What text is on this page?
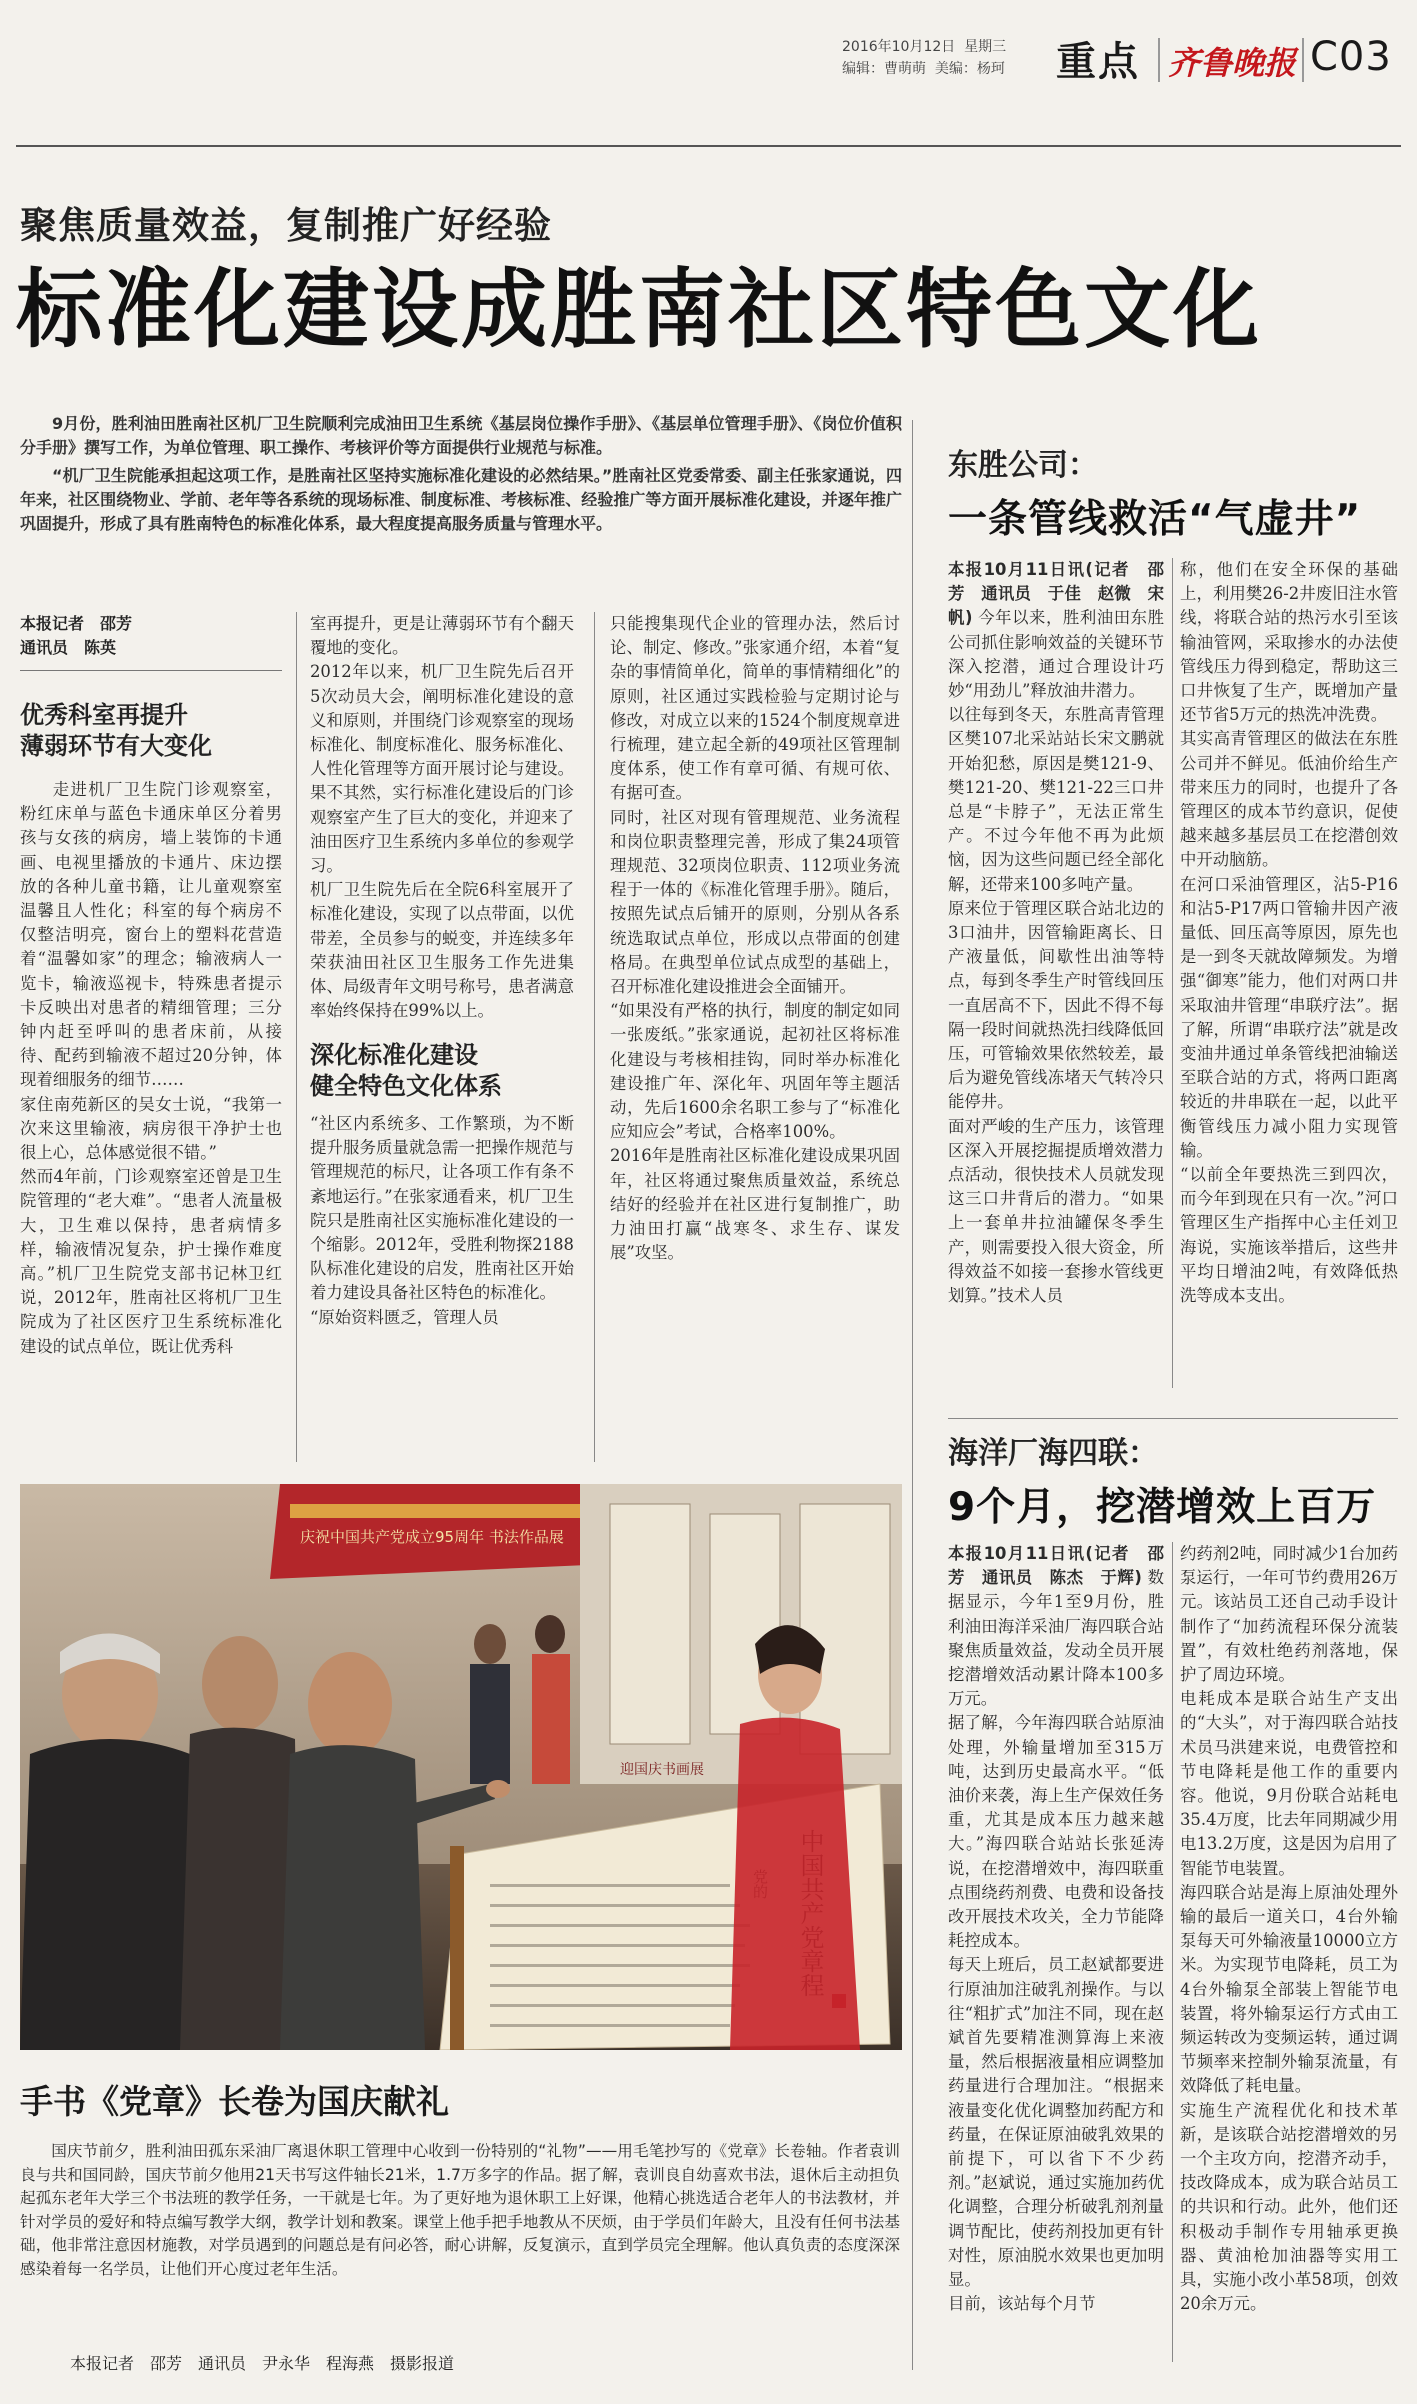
2016年10月12日 星期三
编辑：曹萌萌 美编：杨珂 重点 齐鲁晚报 C03
聚焦质量效益，复制推广好经验
标准化建设成胜南社区特色文化

9月份，胜利油田胜南社区机厂卫生院顺利完成油田卫生系统《基层岗位操作手册》、《基层单位管理手册》、《岗位价值积分手册》撰写工作，为单位管理、职工操作、考核评价等方面提供行业规范与标准。

“机厂卫生院能承担起这项工作，是胜南社区坚持实施标准化建设的必然结果。”胜南社区党委常委、副主任张家通说，四年来，社区围绕物业、学前、老年等各系统的现场标准、制度标准、考核标准、经验推广等方面开展标准化建设，并逐年推广巩固提升，形成了具有胜南特色的标准化体系，最大程度提高服务质量与管理水平。

本报记者　邵芳
通讯员　陈英
优秀科室再提升
薄弱环节有大变化
走进机厂卫生院门诊观察室，粉红床单与蓝色卡通床单区分着男孩与女孩的病房，墙上装饰的卡通画、电视里播放的卡通片、床边摆放的各种儿童书籍，让儿童观察室温馨且人性化；科室的每个病房不仅整洁明亮，窗台上的塑料花营造着“温馨如家”的理念；输液病人一览卡，输液巡视卡，特殊患者提示卡反映出对患者的精细管理；三分钟内赶至呼叫的患者床前，从接待、配药到输液不超过20分钟，体现着细服务的细节……
家住南苑新区的吴女士说，“我第一次来这里输液，病房很干净护士也很上心，总体感觉很不错。”
然而4年前，门诊观察室还曾是卫生院管理的“老大难”。“患者人流量极大，卫生难以保持，患者病情多样，输液情况复杂，护士操作难度高。”机厂卫生院党支部书记林卫红说，2012年，胜南社区将机厂卫生院成为了社区医疗卫生系统标准化建设的试点单位，既让优秀科
室再提升，更是让薄弱环节有个翻天覆地的变化。
2012年以来，机厂卫生院先后召开5次动员大会，阐明标准化建设的意义和原则，并围绕门诊观察室的现场标准化、制度标准化、服务标准化、人性化管理等方面开展讨论与建设。果不其然，实行标准化建设后的门诊观察室产生了巨大的变化，并迎来了油田医疗卫生系统内多单位的参观学习。
机厂卫生院先后在全院6科室展开了标准化建设，实现了以点带面，以优带差，全员参与的蜕变，并连续多年荣获油田社区卫生服务工作先进集体、局级青年文明号称号，患者满意率始终保持在99%以上。
深化标准化建设
健全特色文化体系
“社区内系统多、工作繁琐，为不断提升服务质量就急需一把操作规范与管理规范的标尺，让各项工作有条不紊地运行。”在张家通看来，机厂卫生院只是胜南社区实施标准化建设的一个缩影。2012年，受胜利物探2188队标准化建设的启发，胜南社区开始着力建设具备社区特色的标准化。
“原始资料匮乏，管理人员
只能搜集现代企业的管理办法，然后讨论、制定、修改。”张家通介绍，本着“复杂的事情简单化，简单的事情精细化”的原则，社区通过实践检验与定期讨论与修改，对成立以来的1524个制度规章进行梳理，建立起全新的49项社区管理制度体系，使工作有章可循、有规可依、有据可查。
同时，社区对现有管理规范、业务流程和岗位职责整理完善，形成了集24项管理规范、32项岗位职责、112项业务流程于一体的《标准化管理手册》。随后，按照先试点后铺开的原则，分别从各系统选取试点单位，形成以点带面的创建格局。在典型单位试点成型的基础上，召开标准化建设推进会全面铺开。
“如果没有严格的执行，制度的制定如同一张废纸。”张家通说，起初社区将标准化建设与考核相挂钩，同时举办标准化建设推广年、深化年、巩固年等主题活动，先后1600余名职工参与了“标准化应知应会”考试，合格率100%。
2016年是胜南社区标准化建设成果巩固年，社区将通过聚焦质量效益，系统总结好的经验并在社区进行复制推广，助力油田打赢“战寒冬、求生存、谋发展”攻坚。
庆祝中国共产党成立95周年 书法作品展
迎国庆书画展
手书《党章》长卷为国庆献礼
国庆节前夕，胜利油田孤东采油厂离退休职工管理中心收到一份特别的“礼物”——用毛笔抄写的《党章》长卷轴。作者袁训良与共和国同龄，国庆节前夕他用21天书写这件轴长21米，1.7万多字的作品。据了解，袁训良自幼喜欢书法，退休后主动担负起孤东老年大学三个书法班的教学任务，一干就是七年。为了更好地为退休职工上好课，他精心挑选适合老年人的书法教材，并针对学员的爱好和特点编写教学大纲，教学计划和教案。课堂上他手把手地教从不厌烦，由于学员们年龄大，且没有任何书法基础，他非常注意因材施教，对学员遇到的问题总是有问必答，耐心讲解，反复演示，直到学员完全理解。他认真负责的态度深深感染着每一名学员，让他们开心度过老年生活。
本报记者　邵芳　通讯员　尹永华　程海燕　摄影报道
东胜公司：
一条管线救活“气虚井”
本报10月11日讯(记者　邵芳　通讯员　于佳　赵微　宋帆) 今年以来，胜利油田东胜公司抓住影响效益的关键环节深入挖潜，通过合理设计巧妙“用劲儿”释放油井潜力。
以往每到冬天，东胜高青管理区樊107北采站站长宋文鹏就开始犯愁，原因是樊121-9、樊121-20、樊121-22三口井总是“卡脖子”，无法正常生产。不过今年他不再为此烦恼，因为这些问题已经全部化解，还带来100多吨产量。
原来位于管理区联合站北边的3口油井，因管输距离长、日产液量低，间歇性出油等特点，每到冬季生产时管线回压一直居高不下，因此不得不每隔一段时间就热洗扫线降低回压，可管输效果依然较差，最后为避免管线冻堵天气转冷只能停井。
面对严峻的生产压力，该管理区深入开展挖掘提质增效潜力点活动，很快技术人员就发现这三口井背后的潜力。“如果上一套单井拉油罐保冬季生产，则需要投入很大资金，所得效益不如接一套掺水管线更划算。”技术人员
称，他们在安全环保的基础上，利用樊26-2井废旧注水管线，将联合站的热污水引至该输油管网，采取掺水的办法使管线压力得到稳定，帮助这三口井恢复了生产，既增加产量还节省5万元的热洗冲洗费。
其实高青管理区的做法在东胜公司并不鲜见。低油价给生产带来压力的同时，也提升了各管理区的成本节约意识，促使越来越多基层员工在挖潜创效中开动脑筋。
在河口采油管理区，沾5-P16和沾5-P17两口管输井因产液量低、回压高等原因，原先也是一到冬天就故障频发。为增强“御寒”能力，他们对两口井采取油井管理“串联疗法”。据了解，所谓“串联疗法”就是改变油井通过单条管线把油输送至联合站的方式，将两口距离较近的井串联在一起，以此平衡管线压力减小阻力实现管输。
“以前全年要热洗三到四次，而今年到现在只有一次。”河口管理区生产指挥中心主任刘卫海说，实施该举措后，这些井平均日增油2吨，有效降低热洗等成本支出。
海洋厂海四联：
9个月，挖潜增效上百万
本报10月11日讯(记者　邵芳　通讯员　陈杰　于辉) 数据显示，今年1至9月份，胜利油田海洋采油厂海四联合站聚焦质量效益，发动全员开展挖潜增效活动累计降本100多万元。
据了解，今年海四联合站原油处理，外输量增加至315万吨，达到历史最高水平。“低油价来袭，海上生产保效任务重，尤其是成本压力越来越大。”海四联合站站长张延涛说，在挖潜增效中，海四联重点围绕药剂费、电费和设备技改开展技术攻关，全力节能降耗控成本。
每天上班后，员工赵斌都要进行原油加注破乳剂操作。与以往“粗扩式”加注不同，现在赵斌首先要精准测算海上来液量，然后根据液量相应调整加药量进行合理加注。“根据来液量变化优化调整加药配方和药量，在保证原油破乳效果的前提下，可以省下不少药剂。”赵斌说，通过实施加药优化调整，合理分析破乳剂剂量调节配比，使药剂投加更有针对性，原油脱水效果也更加明显。
目前，该站每个月节
约药剂2吨，同时减少1台加药泵运行，一年可节约费用26万元。该站员工还自己动手设计制作了“加药流程环保分流装置”，有效杜绝药剂落地，保护了周边环境。
电耗成本是联合站生产支出的“大头”，对于海四联合站技术员马洪建来说，电费管控和节电降耗是他工作的重要内容。他说，9月份联合站耗电35.4万度，比去年同期减少用电13.2万度，这是因为启用了智能节电装置。
海四联合站是海上原油处理外输的最后一道关口，4台外输泵每天可外输液量10000立方米。为实现节电降耗，员工为4台外输泵全部装上智能节电装置，将外输泵运行方式由工频运转改为变频运转，通过调节频率来控制外输泵流量，有效降低了耗电量。
实施生产流程优化和技术革新，是该联合站挖潜增效的另一个主攻方向，挖潜齐动手，技改降成本，成为联合站员工的共识和行动。此外，他们还积极动手制作专用轴承更换器、黄油枪加油器等实用工具，实施小改小革58项，创效20余万元。
